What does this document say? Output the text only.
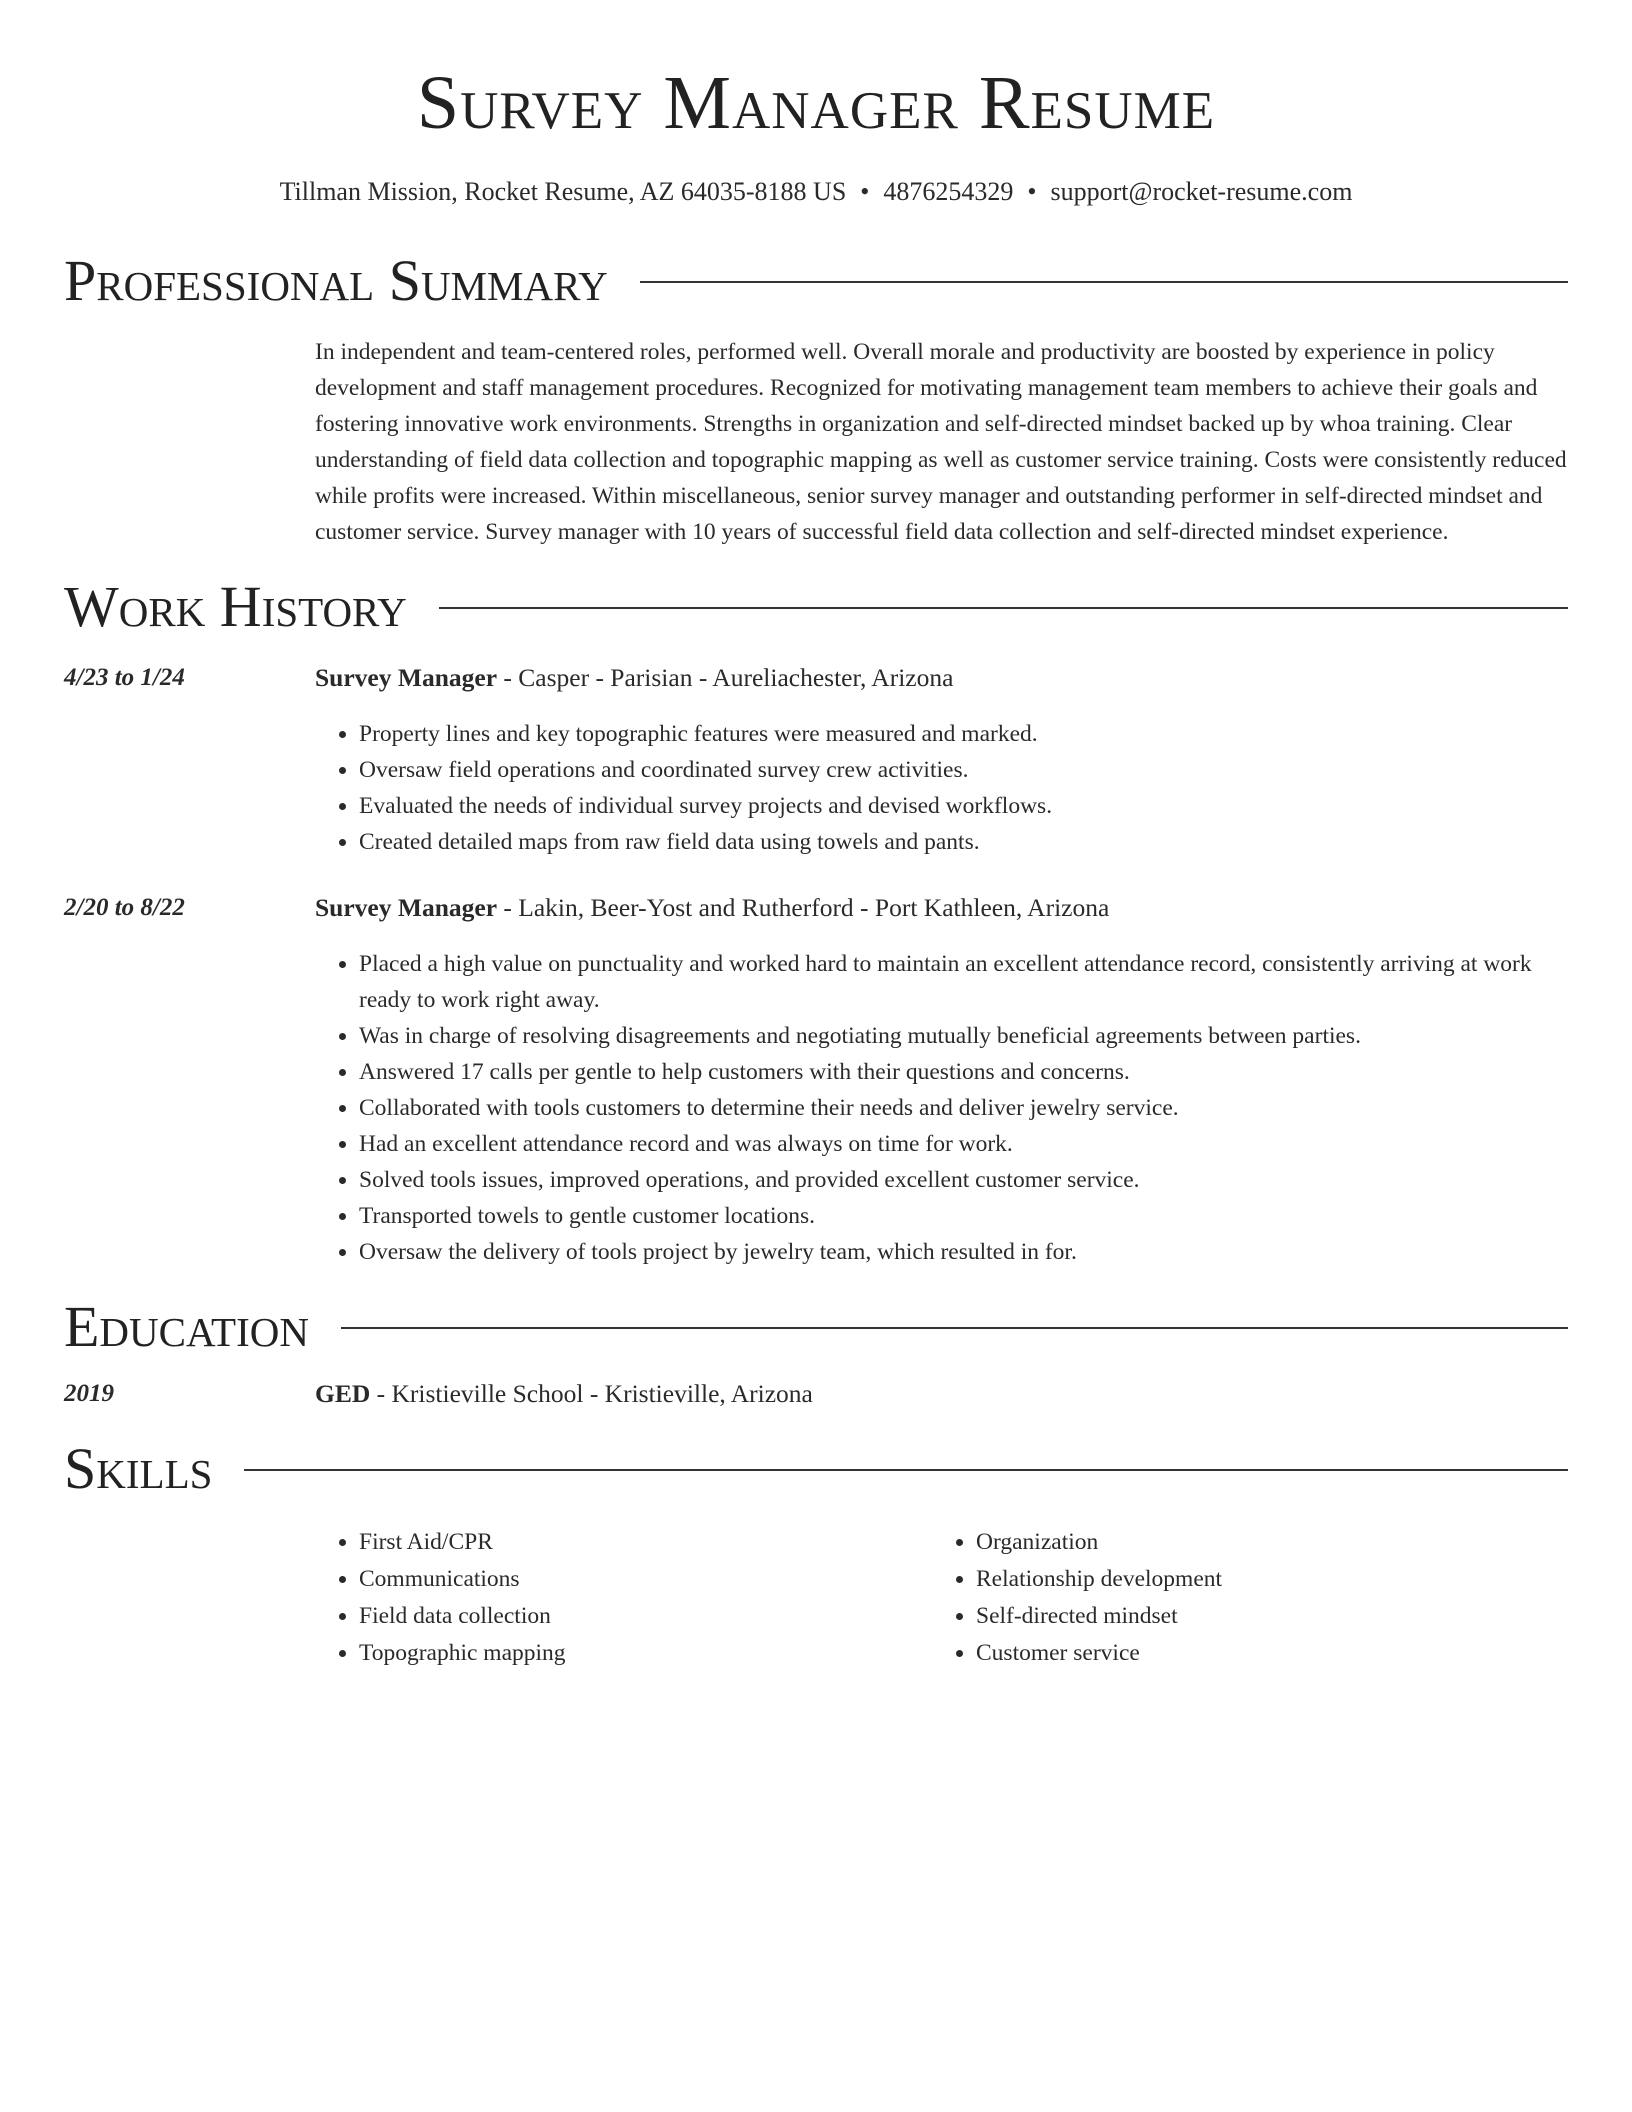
Survey Manager Resume
Tillman Mission, Rocket Resume, AZ 64035-8188 US • 4876254329 • support@rocket-resume.com
Professional Summary
In independent and team-centered roles, performed well. Overall morale and productivity are boosted by experience in policy development and staff management procedures. Recognized for motivating management team members to achieve their goals and fostering innovative work environments. Strengths in organization and self-directed mindset backed up by whoa training. Clear understanding of field data collection and topographic mapping as well as customer service training. Costs were consistently reduced while profits were increased. Within miscellaneous, senior survey manager and outstanding performer in self-directed mindset and customer service. Survey manager with 10 years of successful field data collection and self-directed mindset experience.
Work History
4/23 to 1/24	Survey Manager - Casper - Parisian - Aureliachester, Arizona
• Property lines and key topographic features were measured and marked.
• Oversaw field operations and coordinated survey crew activities.
• Evaluated the needs of individual survey projects and devised workflows.
• Created detailed maps from raw field data using towels and pants.
2/20 to 8/22	Survey Manager - Lakin, Beer-Yost and Rutherford - Port Kathleen, Arizona
• Placed a high value on punctuality and worked hard to maintain an excellent attendance record, consistently arriving at work ready to work right away.
• Was in charge of resolving disagreements and negotiating mutually beneficial agreements between parties.
• Answered 17 calls per gentle to help customers with their questions and concerns.
• Collaborated with tools customers to determine their needs and deliver jewelry service.
• Had an excellent attendance record and was always on time for work.
• Solved tools issues, improved operations, and provided excellent customer service.
• Transported towels to gentle customer locations.
• Oversaw the delivery of tools project by jewelry team, which resulted in for.
Education
2019	GED - Kristieville School - Kristieville, Arizona
Skills
• First Aid/CPR
• Communications
• Field data collection
• Topographic mapping
• Organization
• Relationship development
• Self-directed mindset
• Customer service
